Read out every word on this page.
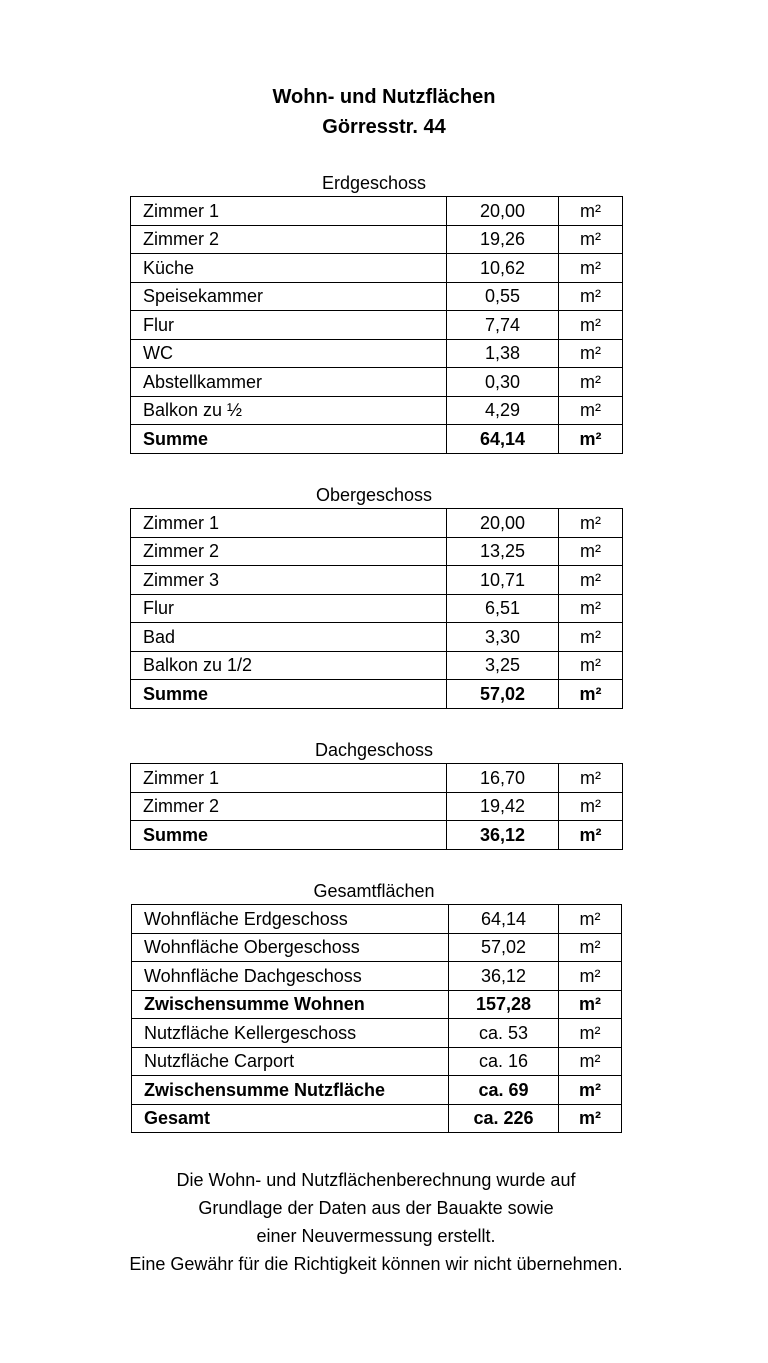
Wohn- und Nutzflächen
Görresstr. 44
Erdgeschoss
Zimmer 1	20,00	m²
Zimmer 2	19,26	m²
Küche	10,62	m²
Speisekammer	0,55	m²
Flur	7,74	m²
WC	1,38	m²
Abstellkammer	0,30	m²
Balkon zu ½	4,29	m²
Summe	64,14	m²
Obergeschoss
Zimmer 1	20,00	m²
Zimmer 2	13,25	m²
Zimmer 3	10,71	m²
Flur	6,51	m²
Bad	3,30	m²
Balkon zu 1/2	3,25	m²
Summe	57,02	m²
Dachgeschoss
Zimmer 1	16,70	m²
Zimmer 2	19,42	m²
Summe	36,12	m²
Gesamtflächen
Wohnfläche Erdgeschoss	64,14	m²
Wohnfläche Obergeschoss	57,02	m²
Wohnfläche Dachgeschoss	36,12	m²
Zwischensumme Wohnen	157,28	m²
Nutzfläche Kellergeschoss	ca. 53	m²
Nutzfläche Carport	ca. 16	m²
Zwischensumme Nutzfläche	ca. 69	m²
Gesamt	ca. 226	m²
Die Wohn- und Nutzflächenberechnung wurde auf
Grundlage der Daten aus der Bauakte sowie
einer Neuvermessung erstellt.
Eine Gewähr für die Richtigkeit können wir nicht übernehmen.
